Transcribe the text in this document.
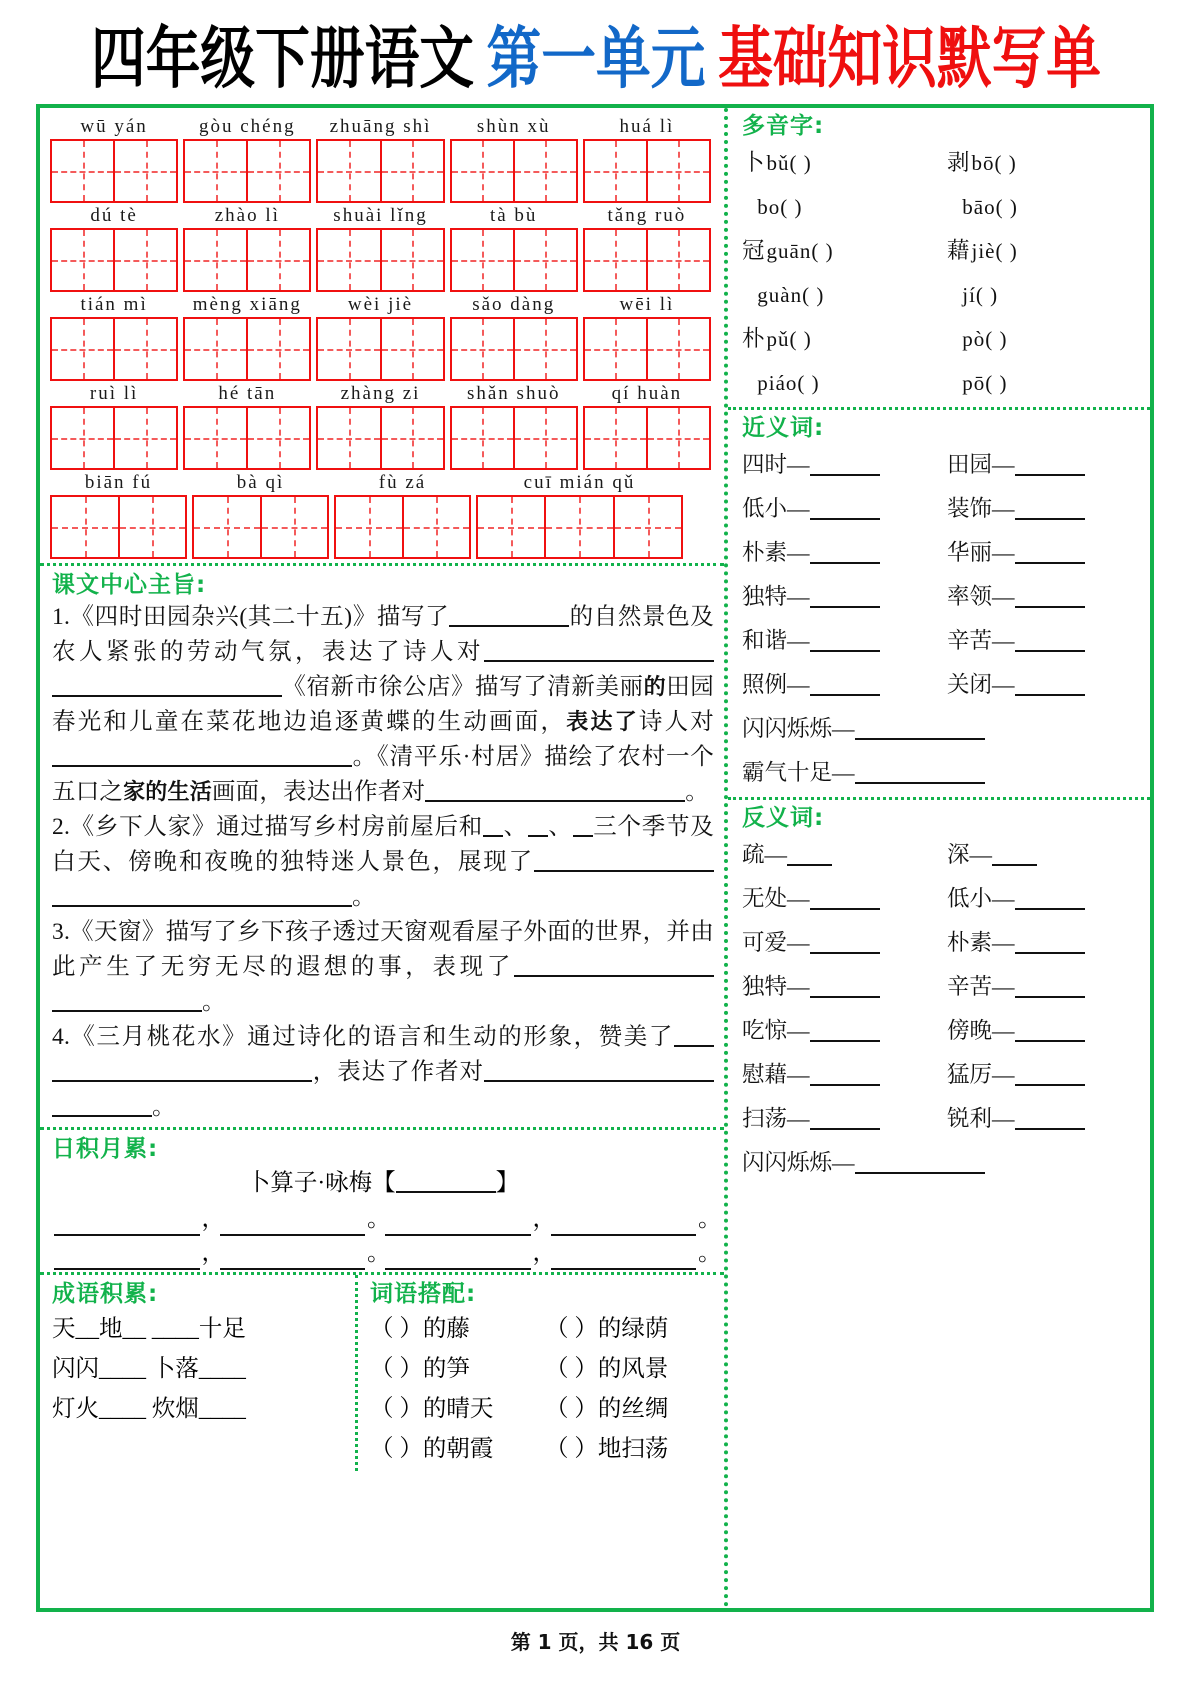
四年级下册语文 第一单元 基础知识默写单
wū yán	gòu chéng	zhuāng shì	shùn xù	huá lì
dú tè	zhào lì	shuài lǐng	tà bù	tǎng ruò
tián mì	mèng xiāng	wèi jiè	sǎo dàng	wēi lì
ruì lì	hé tān	zhàng zi	shǎn shuò	qí huàn
biān fú	bà qì	fù zá	cuī mián qǔ
课文中心主旨:
1.《四时田园杂兴(其二十五)》描写了	的自然景色及农人紧张的劳动气氛，表达了诗人对《宿新市徐公店》描写了清新美丽的田园春光和儿童在菜花地边追逐黄蝶的生动画面，表达了诗人对。《清平乐·村居》描绘了农村一个五口之家的生活画面，表达出作者对	。
2.《乡下人家》通过描写乡村房前屋后和 、 、 三个季节及白天、傍晚和夜晚的独特迷人景色，展现了。
3.《天窗》描写了乡下孩子透过天窗观看屋子外面的世界，并由此产生了无穷无尽的遐想的事，表现了。
4.《三月桃花水》通过诗化的语言和生动的形象，赞美了，表达了作者对。
日积月累:
卜算子·咏梅【	】
，	。	，	。
，	。	，	。
成语积累:
天__地__ ____十足
闪闪____ 卜落____
灯火____ 炊烟____
词语搭配:
（ ）的藤	（ ）的绿荫
（ ）的笋	（ ）的风景
（ ）的晴天 （ ）的丝绸
（ ）的朝霞 （ ）地扫荡
多音字:
卜bǔ( )	剥bō( )
bo( )	bāo( )
冠guān( )	藉jiè( )
guàn( )	jí( )
朴pǔ( )	pò( )
piáo( )	pō( )
近义词:
四时—	田园—
低小—	装饰—
朴素—	华丽—
独特—	率领—
和谐—	辛苦—
照例—	关闭—
闪闪烁烁—
霸气十足—
反义词:
疏—	深—
无处—	低小—
可爱—	朴素—
独特—	辛苦—
吃惊—	傍晚—
慰藉—	猛厉—
扫荡—	锐利—
闪闪烁烁—
第 1 页，共 16 页
